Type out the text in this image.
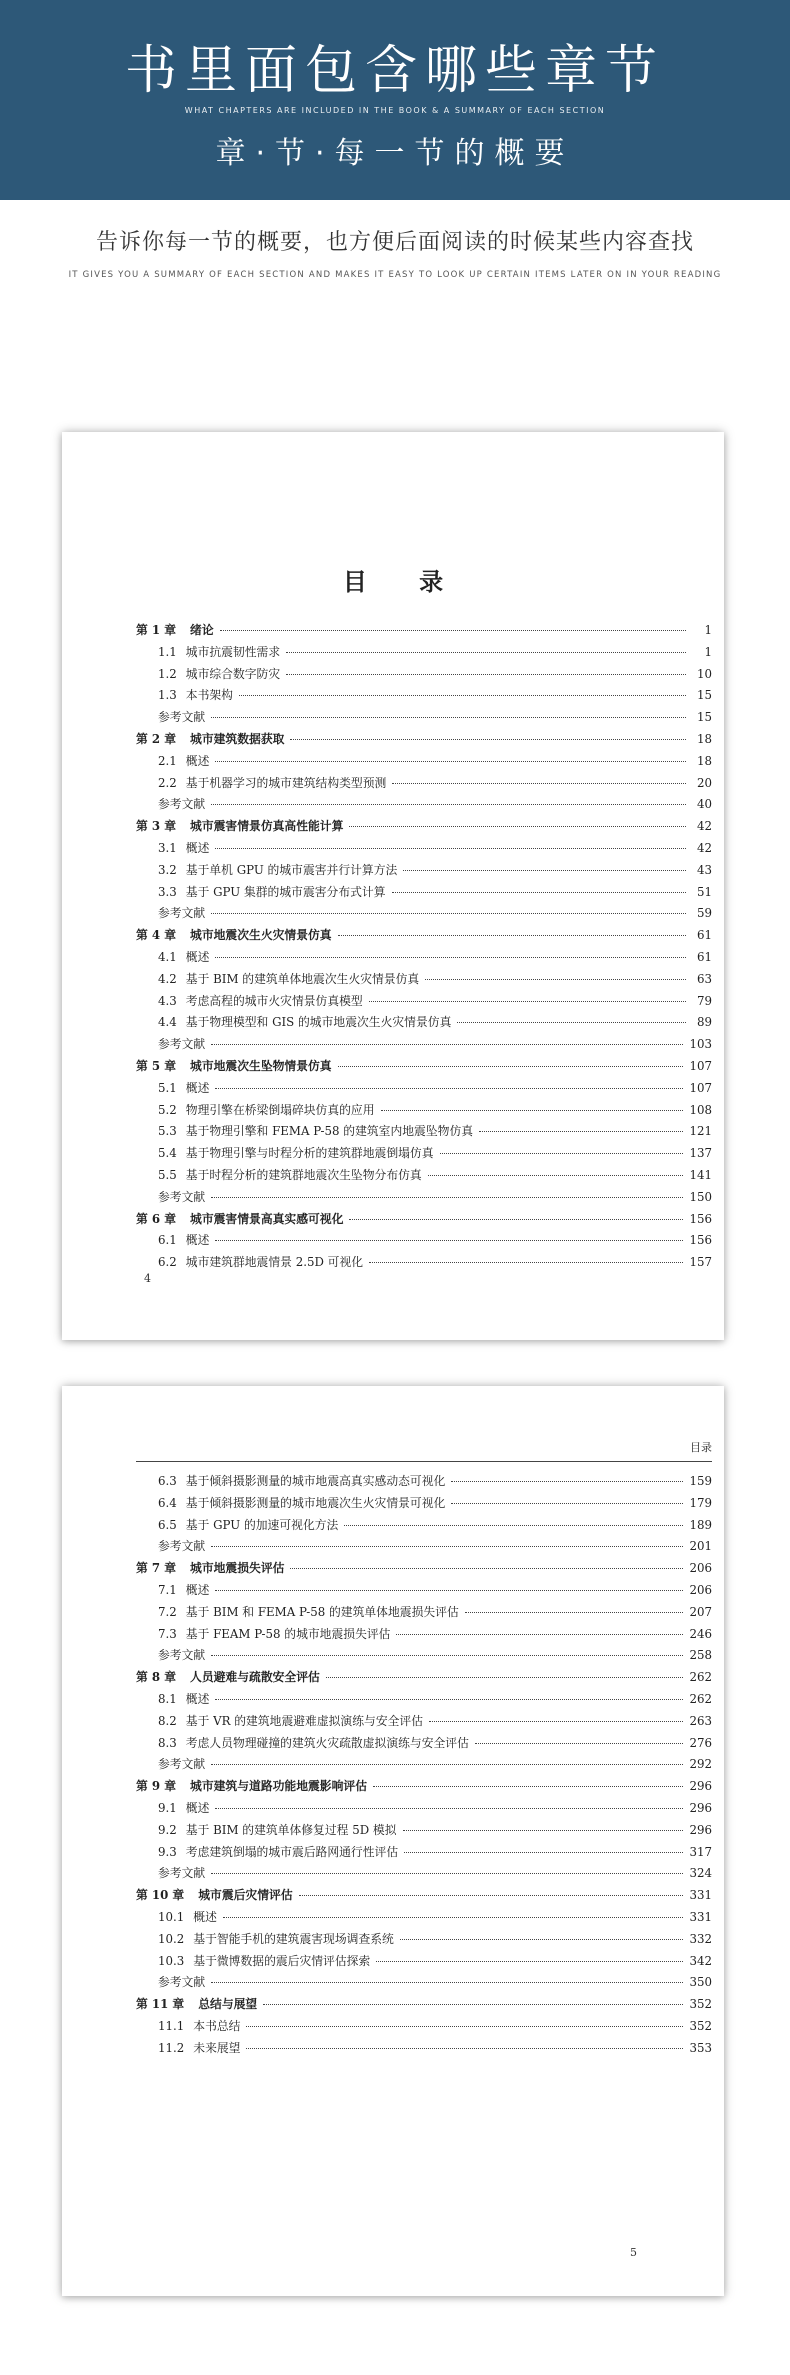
书里面包含哪些章节
WHAT CHAPTERS ARE INCLUDED IN THE BOOK & A SUMMARY OF EACH SECTION
章·节·每一节的概要
告诉你每一节的概要，也方便后面阅读的时候某些内容查找
IT GIVES YOU A SUMMARY OF EACH SECTION AND MAKES IT EASY TO LOOK UP CERTAIN ITEMS LATER ON IN YOUR READING
目 录
第 1 章 绪论	1
1.1 城市抗震韧性需求	1
1.2 城市综合数字防灾	10
1.3 本书架构	15
参考文献	15
第 2 章 城市建筑数据获取	18
2.1 概述	18
2.2 基于机器学习的城市建筑结构类型预测	20
参考文献	40
第 3 章 城市震害情景仿真高性能计算	42
3.1 概述	42
3.2 基于单机 GPU 的城市震害并行计算方法	43
3.3 基于 GPU 集群的城市震害分布式计算	51
参考文献	59
第 4 章 城市地震次生火灾情景仿真	61
4.1 概述	61
4.2 基于 BIM 的建筑单体地震次生火灾情景仿真	63
4.3 考虑高程的城市火灾情景仿真模型	79
4.4 基于物理模型和 GIS 的城市地震次生火灾情景仿真	89
参考文献	103
第 5 章 城市地震次生坠物情景仿真	107
5.1 概述	107
5.2 物理引擎在桥梁倒塌碎块仿真的应用	108
5.3 基于物理引擎和 FEMA P-58 的建筑室内地震坠物仿真	121
5.4 基于物理引擎与时程分析的建筑群地震倒塌仿真	137
5.5 基于时程分析的建筑群地震次生坠物分布仿真	141
参考文献	150
第 6 章 城市震害情景高真实感可视化	156
6.1 概述	156
6.2 城市建筑群地震情景 2.5D 可视化	157
4
目录
6.3 基于倾斜摄影测量的城市地震高真实感动态可视化	159
6.4 基于倾斜摄影测量的城市地震次生火灾情景可视化	179
6.5 基于 GPU 的加速可视化方法	189
参考文献	201
第 7 章 城市地震损失评估	206
7.1 概述	206
7.2 基于 BIM 和 FEMA P-58 的建筑单体地震损失评估	207
7.3 基于 FEAM P-58 的城市地震损失评估	246
参考文献	258
第 8 章 人员避难与疏散安全评估	262
8.1 概述	262
8.2 基于 VR 的建筑地震避难虚拟演练与安全评估	263
8.3 考虑人员物理碰撞的建筑火灾疏散虚拟演练与安全评估	276
参考文献	292
第 9 章 城市建筑与道路功能地震影响评估	296
9.1 概述	296
9.2 基于 BIM 的建筑单体修复过程 5D 模拟	296
9.3 考虑建筑倒塌的城市震后路网通行性评估	317
参考文献	324
第 10 章 城市震后灾情评估	331
10.1 概述	331
10.2 基于智能手机的建筑震害现场调查系统	332
10.3 基于微博数据的震后灾情评估探索	342
参考文献	350
第 11 章 总结与展望	352
11.1 本书总结	352
11.2 未来展望	353
5
